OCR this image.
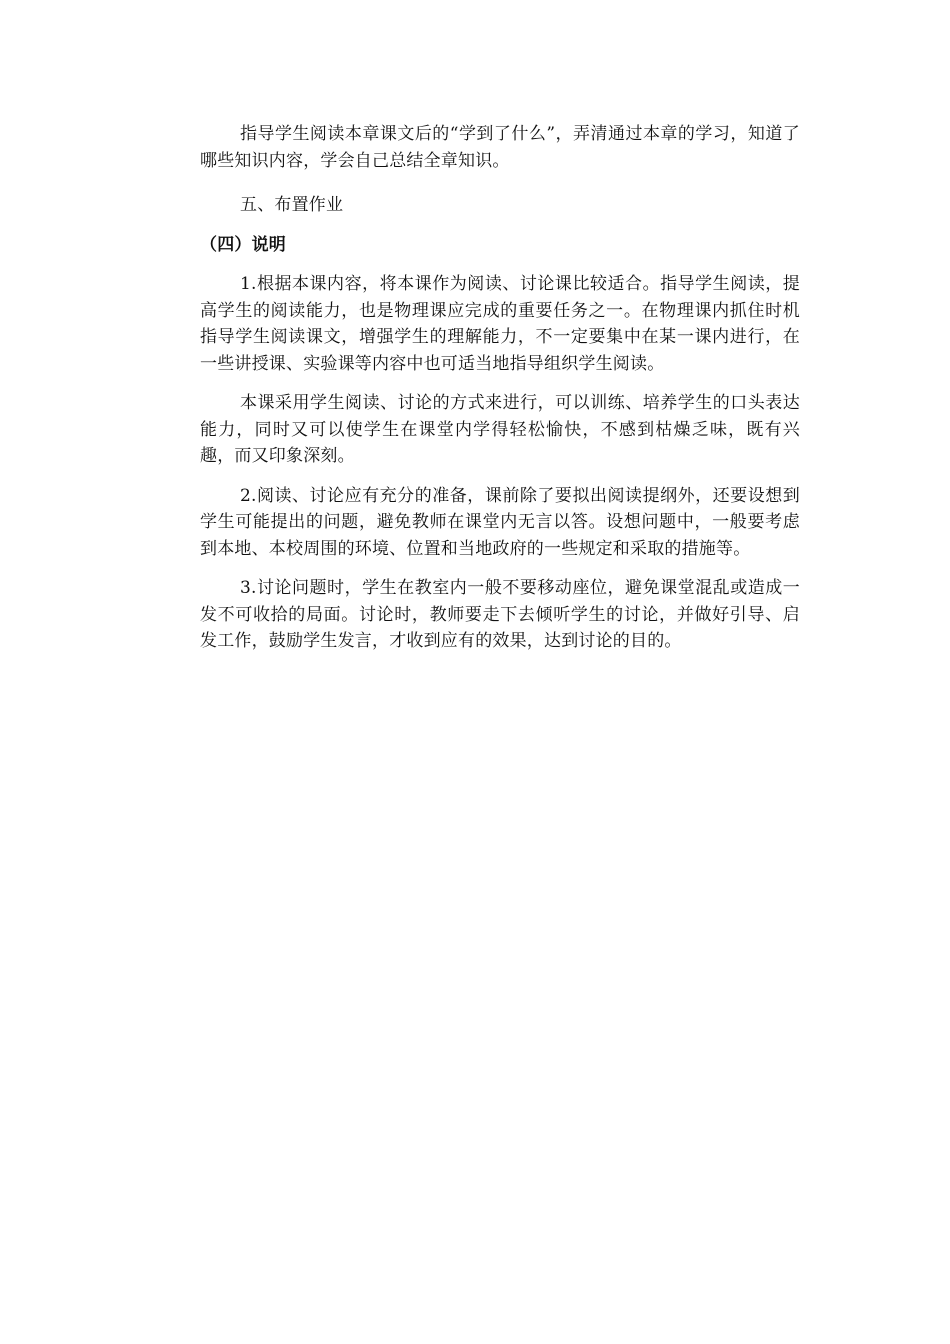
指导学生阅读本章课文后的“学到了什么”，弄清通过本章的学习，知道了哪些知识内容，学会自己总结全章知识。

五、布置作业

（四）说明

1.根据本课内容，将本课作为阅读、讨论课比较适合。指导学生阅读，提高学生的阅读能力，也是物理课应完成的重要任务之一。在物理课内抓住时机指导学生阅读课文，增强学生的理解能力，不一定要集中在某一课内进行，在一些讲授课、实验课等内容中也可适当地指导组织学生阅读。

本课采用学生阅读、讨论的方式来进行，可以训练、培养学生的口头表达能力，同时又可以使学生在课堂内学得轻松愉快，不感到枯燥乏味，既有兴趣，而又印象深刻。

2.阅读、讨论应有充分的准备，课前除了要拟出阅读提纲外，还要设想到学生可能提出的问题，避免教师在课堂内无言以答。设想问题中，一般要考虑到本地、本校周围的环境、位置和当地政府的一些规定和采取的措施等。

3.讨论问题时，学生在教室内一般不要移动座位，避免课堂混乱或造成一发不可收拾的局面。讨论时，教师要走下去倾听学生的讨论，并做好引导、启发工作，鼓励学生发言，才收到应有的效果，达到讨论的目的。
